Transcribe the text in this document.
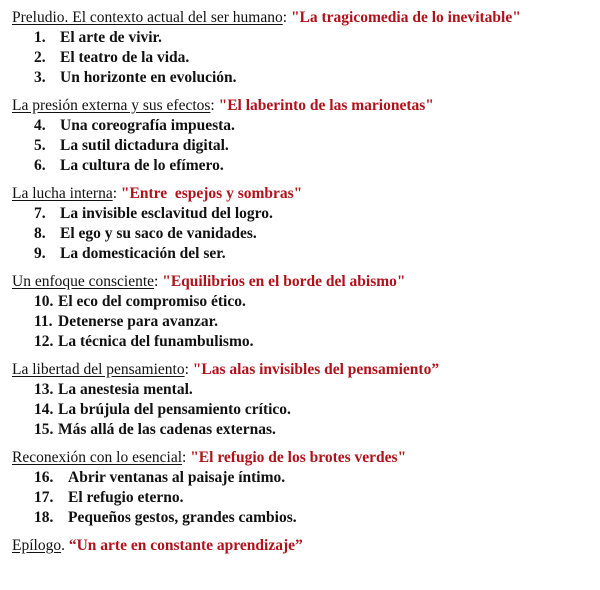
Preludio. El contexto actual del ser humano: "La tragicomedia de lo inevitable"
1. El arte de vivir.
2. El teatro de la vida.
3. Un horizonte en evolución.
La presión externa y sus efectos: "El laberinto de las marionetas"
4. Una coreografía impuesta.
5. La sutil dictadura digital.
6. La cultura de lo efímero.
La lucha interna: "Entre  espejos y sombras"
7. La invisible esclavitud del logro.
8. El ego y su saco de vanidades.
9. La domesticación del ser.
Un enfoque consciente: "Equilibrios en el borde del abismo"
10. El eco del compromiso ético.
11. Detenerse para avanzar.
12. La técnica del funambulismo.
La libertad del pensamiento: "Las alas invisibles del pensamiento”
13. La anestesia mental.
14. La brújula del pensamiento crítico.
15. Más allá de las cadenas externas.
Reconexión con lo esencial: "El refugio de los brotes verdes"
16. Abrir ventanas al paisaje íntimo.
17. El refugio eterno.
18. Pequeños gestos, grandes cambios.
Epílogo. “Un arte en constante aprendizaje”
